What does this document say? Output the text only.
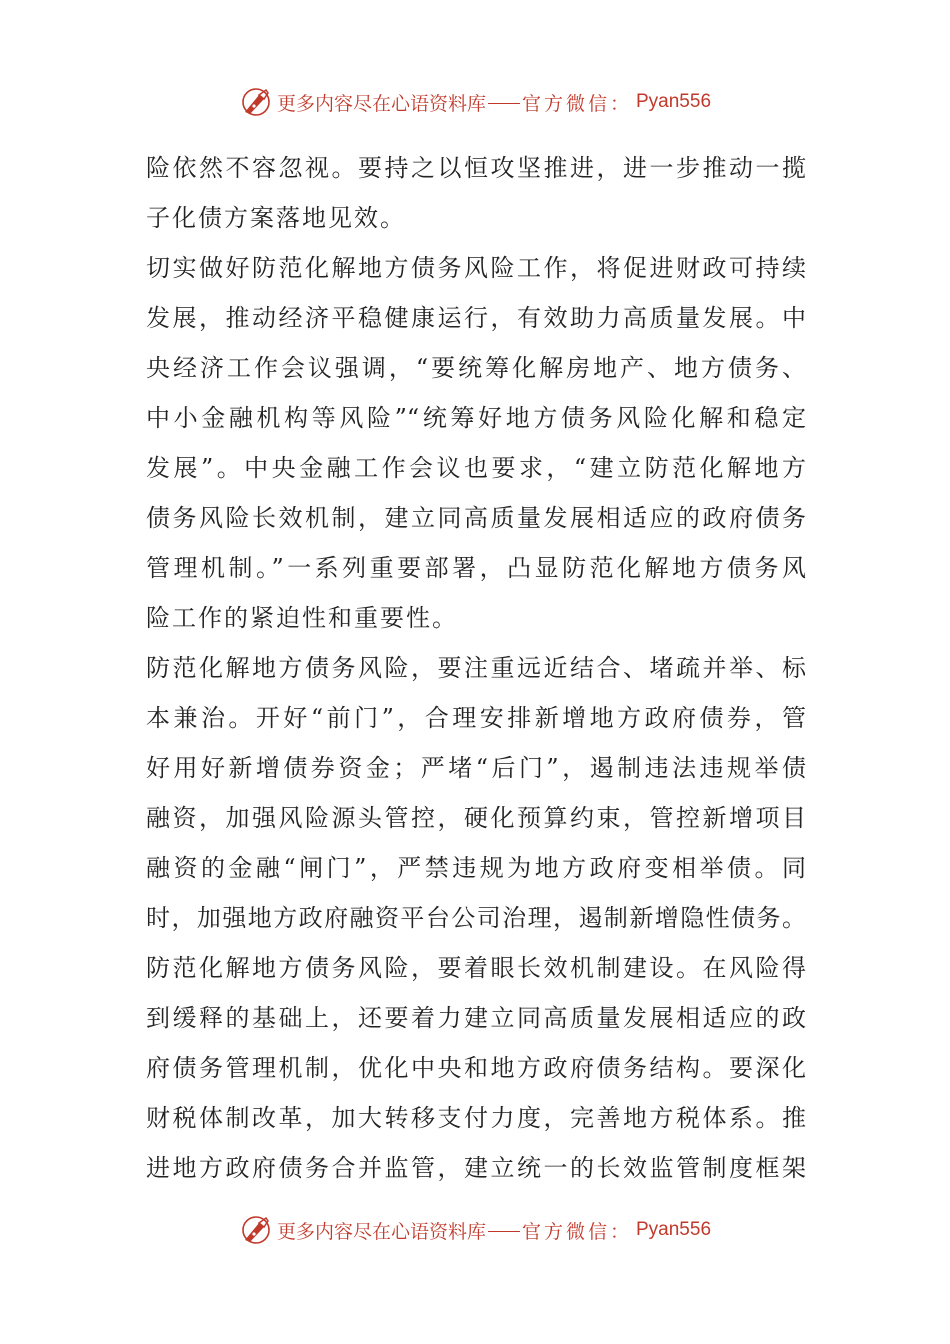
更多内容尽在心语资料库 官方微信： Pyan556
险依然不容忽视。要持之以恒攻坚推进，进一步推动一揽
子化债方案落地见效。
切实做好防范化解地方债务风险工作，将促进财政可持续
发展，推动经济平稳健康运行，有效助力高质量发展。中
央经济工作会议强调，“要统筹化解房地产、地方债务、
中小金融机构等风险”“统筹好地方债务风险化解和稳定
发展”。中央金融工作会议也要求，“建立防范化解地方
债务风险长效机制，建立同高质量发展相适应的政府债务
管理机制。”一系列重要部署，凸显防范化解地方债务风
险工作的紧迫性和重要性。
防范化解地方债务风险，要注重远近结合、堵疏并举、标
本兼治。开好“前门”，合理安排新增地方政府债券，管
好用好新增债券资金；严堵“后门”，遏制违法违规举债
融资，加强风险源头管控，硬化预算约束，管控新增项目
融资的金融“闸门”，严禁违规为地方政府变相举债。同
时，加强地方政府融资平台公司治理，遏制新增隐性债务。
防范化解地方债务风险，要着眼长效机制建设。在风险得
到缓释的基础上，还要着力建立同高质量发展相适应的政
府债务管理机制，优化中央和地方政府债务结构。要深化
财税体制改革，加大转移支付力度，完善地方税体系。推
进地方政府债务合并监管，建立统一的长效监管制度框架
更多内容尽在心语资料库 官方微信： Pyan556
